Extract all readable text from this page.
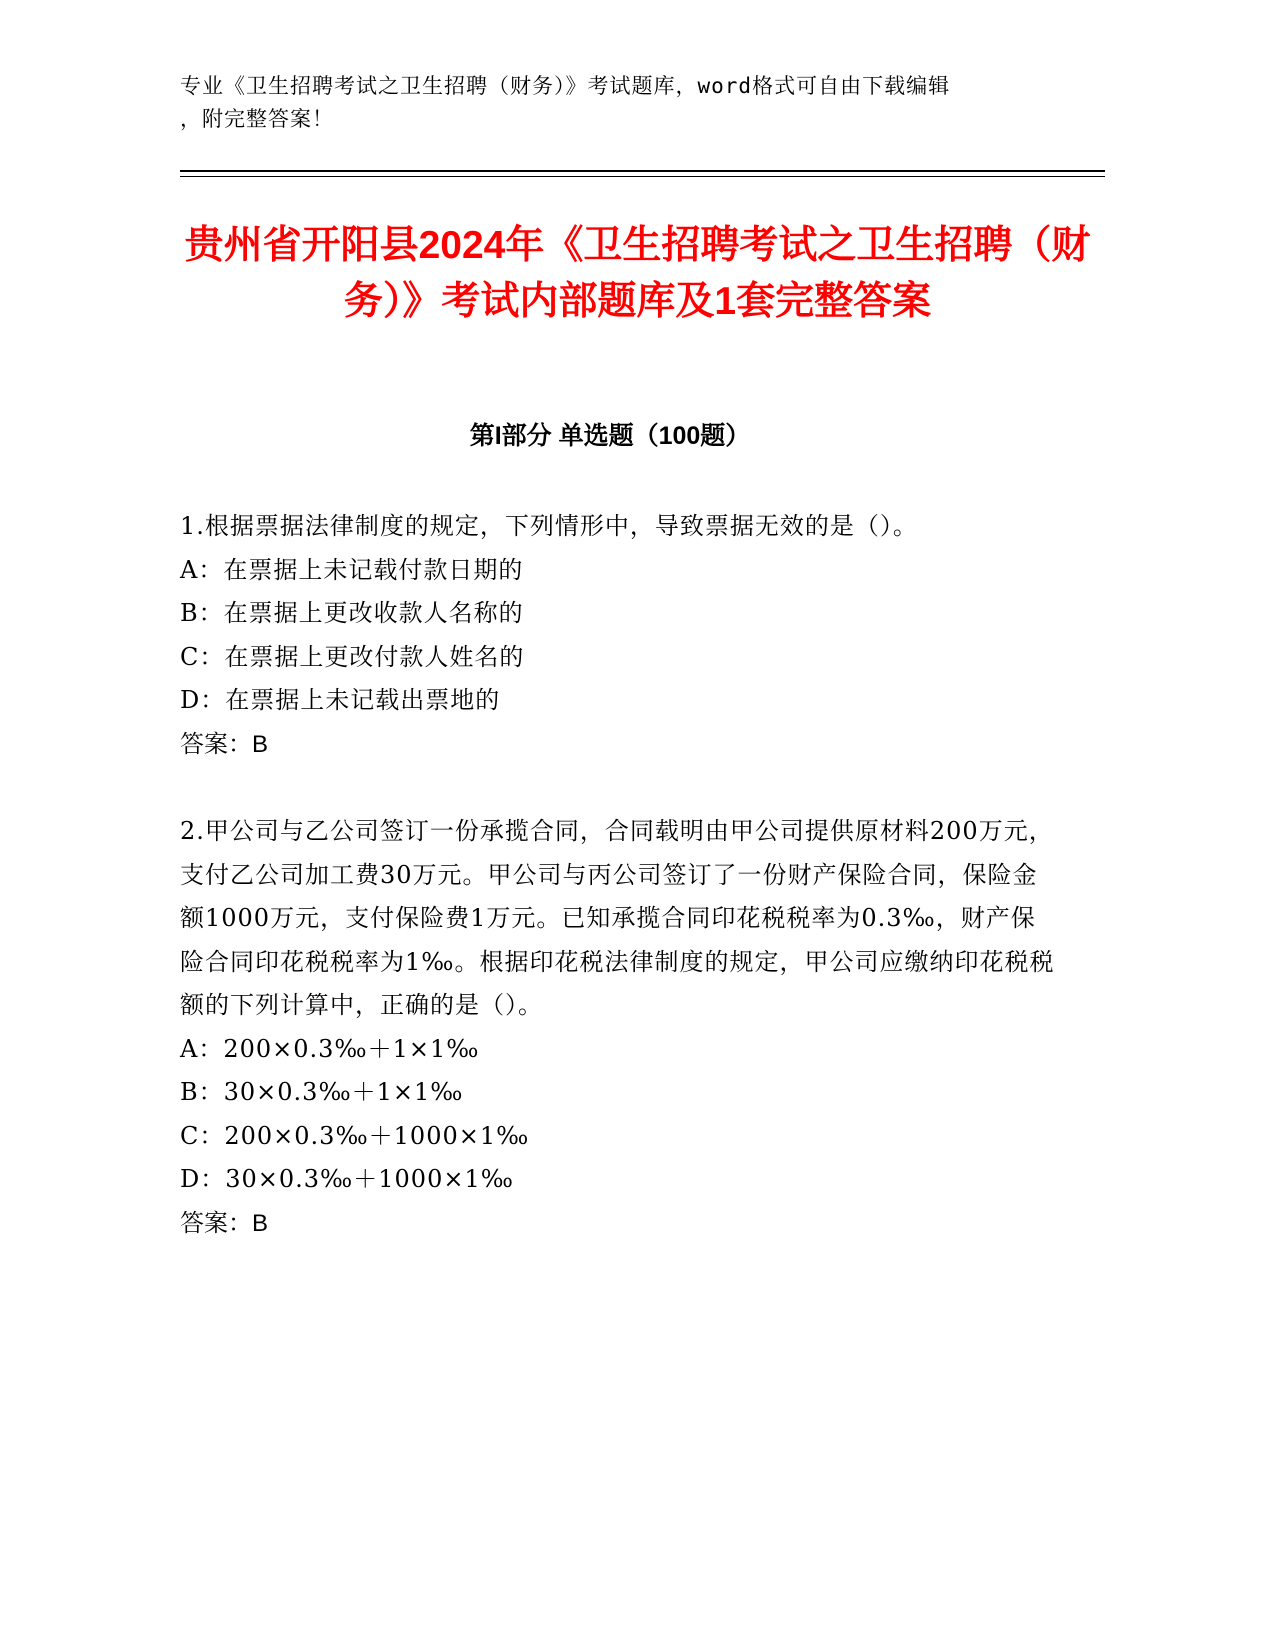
专业《卫生招聘考试之卫生招聘（财务）》考试题库，word格式可自由下载编辑
，附完整答案！
贵州省开阳县2024年《卫生招聘考试之卫生招聘（财务）》考试内部题库及1套完整答案
第I部分 单选题（100题）

1.根据票据法律制度的规定，下列情形中，导致票据无效的是（）。

A：在票据上未记载付款日期的

B：在票据上更改收款人名称的

C：在票据上更改付款人姓名的

D：在票据上未记载出票地的

答案：B

2.甲公司与乙公司签订一份承揽合同，合同载明由甲公司提供原材料200万元，支付乙公司加工费30万元。甲公司与丙公司签订了一份财产保险合同，保险金额1000万元，支付保险费1万元。已知承揽合同印花税税率为0.3‰，财产保险合同印花税税率为1‰。根据印花税法律制度的规定，甲公司应缴纳印花税税额的下列计算中，正确的是（）。

A：200×0.3‰＋1×1‰

B：30×0.3‰＋1×1‰

C：200×0.3‰＋1000×1‰

D：30×0.3‰＋1000×1‰

答案：B
